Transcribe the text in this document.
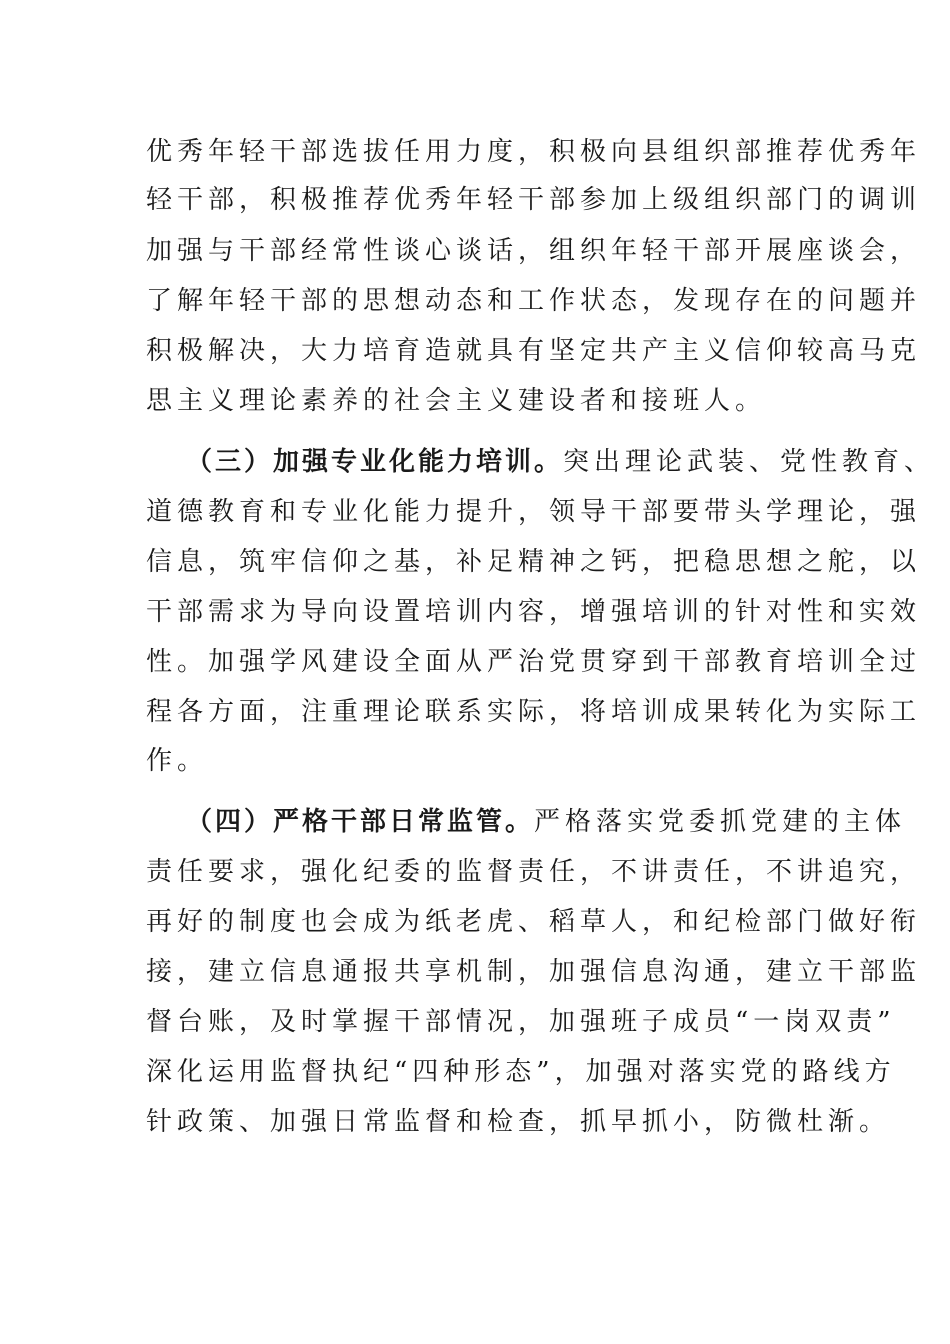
优秀年轻干部选拔任用力度，积极向县组织部推荐优秀年
轻干部，积极推荐优秀年轻干部参加上级组织部门的调训
加强与干部经常性谈心谈话，组织年轻干部开展座谈会，
了解年轻干部的思想动态和工作状态，发现存在的问题并
积极解决，大力培育造就具有坚定共产主义信仰较高马克
思主义理论素养的社会主义建设者和接班人。
（三）加强专业化能力培训。突出理论武装、党性教育、
道德教育和专业化能力提升，领导干部要带头学理论，强
信息，筑牢信仰之基，补足精神之钙，把稳思想之舵，以
干部需求为导向设置培训内容，增强培训的针对性和实效
性。加强学风建设全面从严治党贯穿到干部教育培训全过
程各方面，注重理论联系实际，将培训成果转化为实际工
作。
（四）严格干部日常监管。严格落实党委抓党建的主体
责任要求，强化纪委的监督责任，不讲责任，不讲追究，
再好的制度也会成为纸老虎、稻草人，和纪检部门做好衔
接，建立信息通报共享机制，加强信息沟通，建立干部监
督台账，及时掌握干部情况，加强班子成员“一岗双责”
深化运用监督执纪“四种形态”，加强对落实党的路线方
针政策、加强日常监督和检查，抓早抓小，防微杜渐。
